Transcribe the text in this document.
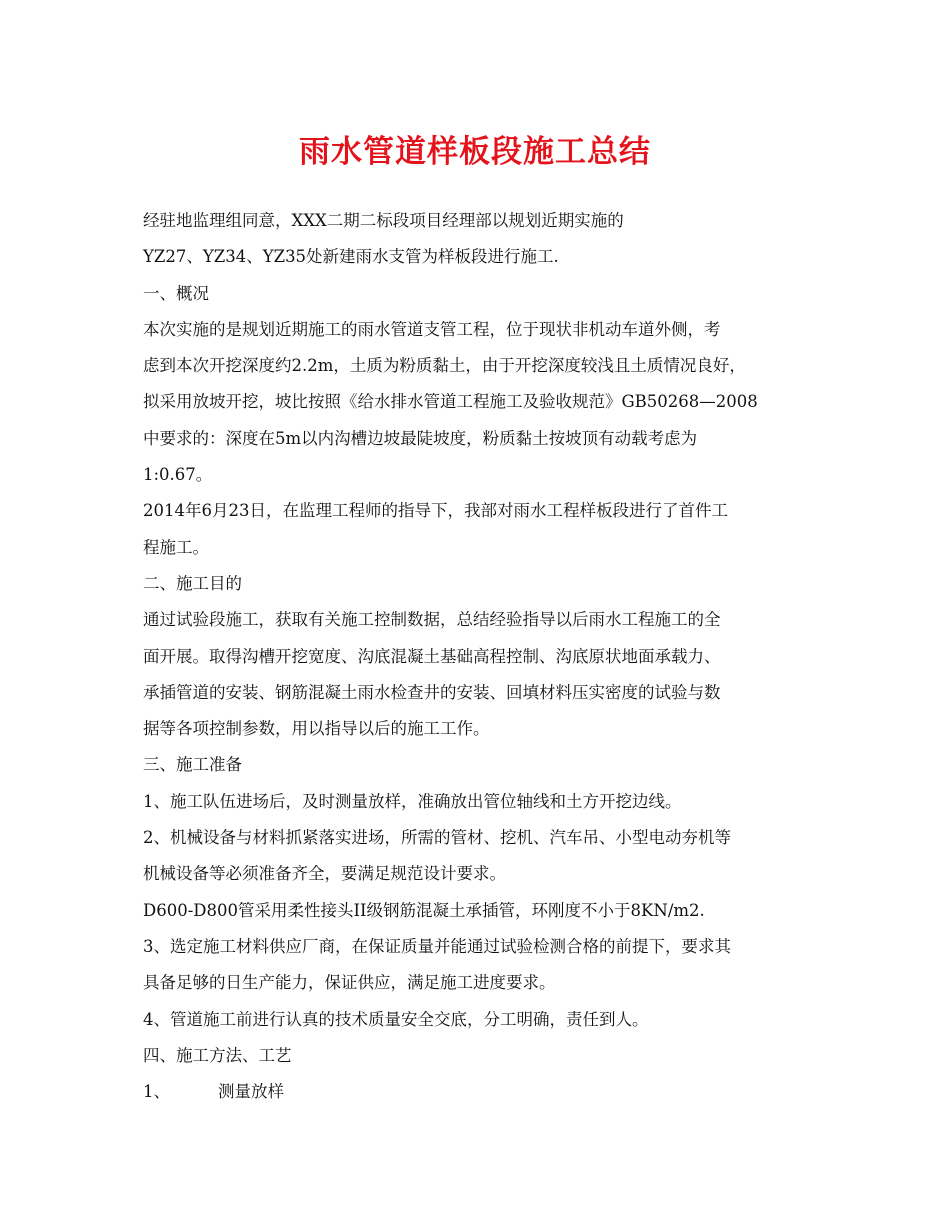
雨水管道样板段施工总结
经驻地监理组同意，XXX二期二标段项目经理部以规划近期实施的
YZ27、YZ34、YZ35处新建雨水支管为样板段进行施工.
一、概况
本次实施的是规划近期施工的雨水管道支管工程，位于现状非机动车道外侧，考
虑到本次开挖深度约2.2m，土质为粉质黏土，由于开挖深度较浅且土质情况良好，
拟采用放坡开挖，坡比按照《给水排水管道工程施工及验收规范》GB50268—2008
中要求的：深度在5m以内沟槽边坡最陡坡度，粉质黏土按坡顶有动载考虑为
1:0.67。
2014年6月23日，在监理工程师的指导下，我部对雨水工程样板段进行了首件工
程施工。
二、施工目的
通过试验段施工，获取有关施工控制数据，总结经验指导以后雨水工程施工的全
面开展。取得沟槽开挖宽度、沟底混凝土基础高程控制、沟底原状地面承载力、
承插管道的安装、钢筋混凝土雨水检查井的安装、回填材料压实密度的试验与数
据等各项控制参数，用以指导以后的施工工作。
三、施工准备
1、施工队伍进场后，及时测量放样，准确放出管位轴线和土方开挖边线。
2、机械设备与材料抓紧落实进场，所需的管材、挖机、汽车吊、小型电动夯机等
机械设备等必须准备齐全，要满足规范设计要求。
D600-D800管采用柔性接头II级钢筋混凝土承插管，环刚度不小于8KN/m2.
3、选定施工材料供应厂商，在保证质量并能通过试验检测合格的前提下，要求其
具备足够的日生产能力，保证供应，满足施工进度要求。
4、管道施工前进行认真的技术质量安全交底，分工明确，责任到人。
四、施工方法、工艺
1、	测量放样
